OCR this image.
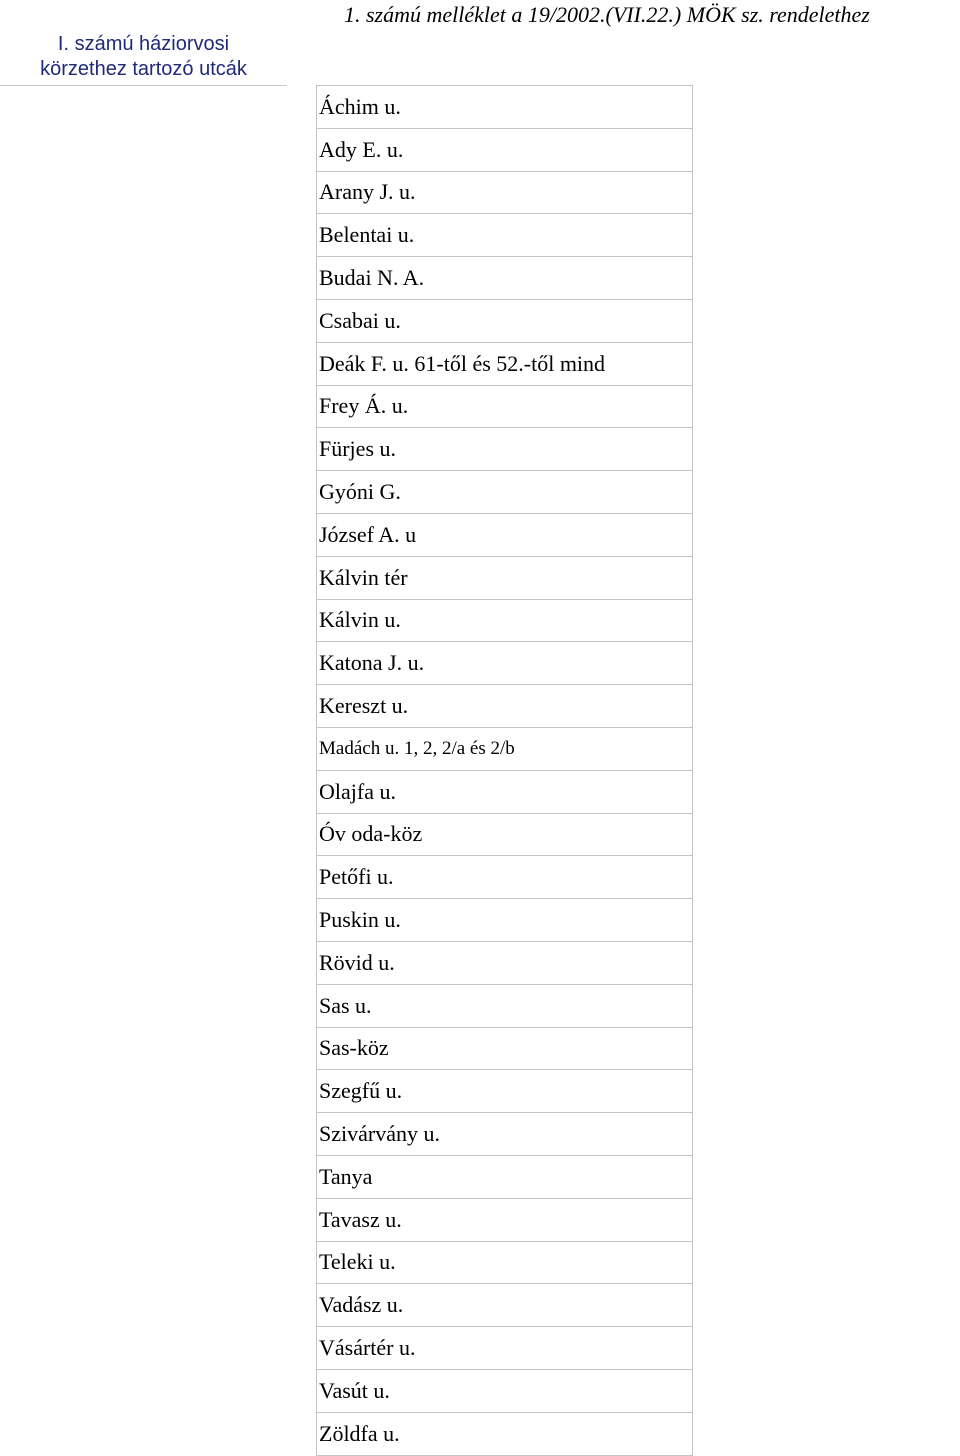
1. számú melléklet a 19/2002.(VII.22.) MÖK sz. rendelethez
I. számú háziorvosi
körzethez tartozó utcák
Áchim u.
Ady E. u.
Arany J. u.
Belentai u.
Budai N. A.
Csabai u.
Deák F. u. 61-től és 52.-től mind
Frey Á. u.
Fürjes u.
Gyóni G.
József A. u
Kálvin tér
Kálvin u.
Katona J. u.
Kereszt u.
Madách u. 1, 2, 2/a és 2/b
Olajfa u.
Óv oda-köz
Petőfi u.
Puskin u.
Rövid u.
Sas u.
Sas-köz
Szegfű u.
Szivárvány u.
Tanya
Tavasz u.
Teleki u.
Vadász u.
Vásártér u.
Vasút u.
Zöldfa u.
